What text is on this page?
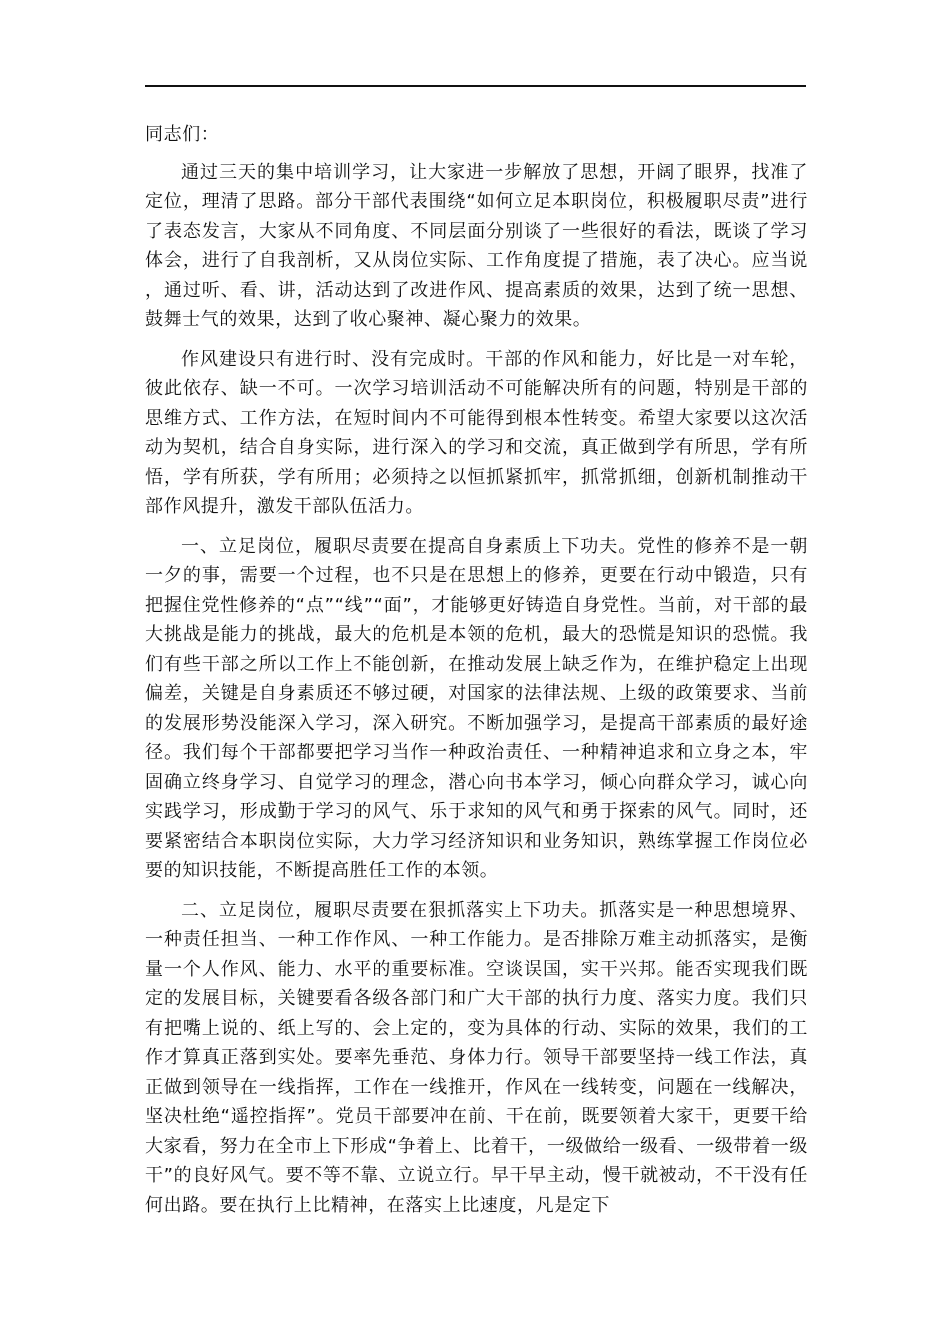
同志们：

通过三天的集中培训学习，让大家进一步解放了思想，开阔了眼界，找准了定位，理清了思路。部分干部代表围绕“如何立足本职岗位，积极履职尽责”进行了表态发言，大家从不同角度、不同层面分别谈了一些很好的看法，既谈了学习体会，进行了自我剖析，又从岗位实际、工作角度提了措施，表了决心。应当说，通过听、看、讲，活动达到了改进作风、提高素质的效果，达到了统一思想、鼓舞士气的效果，达到了收心聚神、凝心聚力的效果。

作风建设只有进行时、没有完成时。干部的作风和能力，好比是一对车轮，彼此依存、缺一不可。一次学习培训活动不可能解决所有的问题，特别是干部的思维方式、工作方法，在短时间内不可能得到根本性转变。希望大家要以这次活动为契机，结合自身实际，进行深入的学习和交流，真正做到学有所思，学有所悟，学有所获，学有所用；必须持之以恒抓紧抓牢，抓常抓细，创新机制推动干部作风提升，激发干部队伍活力。

一、立足岗位，履职尽责要在提高自身素质上下功夫。党性的修养不是一朝一夕的事，需要一个过程，也不只是在思想上的修养，更要在行动中锻造，只有把握住党性修养的“点”“线”“面”，才能够更好铸造自身党性。当前，对干部的最大挑战是能力的挑战，最大的危机是本领的危机，最大的恐慌是知识的恐慌。我们有些干部之所以工作上不能创新，在推动发展上缺乏作为，在维护稳定上出现偏差，关键是自身素质还不够过硬，对国家的法律法规、上级的政策要求、当前的发展形势没能深入学习，深入研究。不断加强学习，是提高干部素质的最好途径。我们每个干部都要把学习当作一种政治责任、一种精神追求和立身之本，牢固确立终身学习、自觉学习的理念，潜心向书本学习，倾心向群众学习，诚心向实践学习，形成勤于学习的风气、乐于求知的风气和勇于探索的风气。同时，还要紧密结合本职岗位实际，大力学习经济知识和业务知识，熟练掌握工作岗位必要的知识技能，不断提高胜任工作的本领。

二、立足岗位，履职尽责要在狠抓落实上下功夫。抓落实是一种思想境界、一种责任担当、一种工作作风、一种工作能力。是否排除万难主动抓落实，是衡量一个人作风、能力、水平的重要标准。空谈误国，实干兴邦。能否实现我们既定的发展目标，关键要看各级各部门和广大干部的执行力度、落实力度。我们只有把嘴上说的、纸上写的、会上定的，变为具体的行动、实际的效果，我们的工作才算真正落到实处。要率先垂范、身体力行。领导干部要坚持一线工作法，真正做到领导在一线指挥，工作在一线推开，作风在一线转变，问题在一线解决，坚决杜绝“遥控指挥”。党员干部要冲在前、干在前，既要领着大家干，更要干给大家看，努力在全市上下形成“争着上、比着干，一级做给一级看、一级带着一级干”的良好风气。要不等不靠、立说立行。早干早主动，慢干就被动，不干没有任何出路。要在执行上比精神，在落实上比速度，凡是定下
